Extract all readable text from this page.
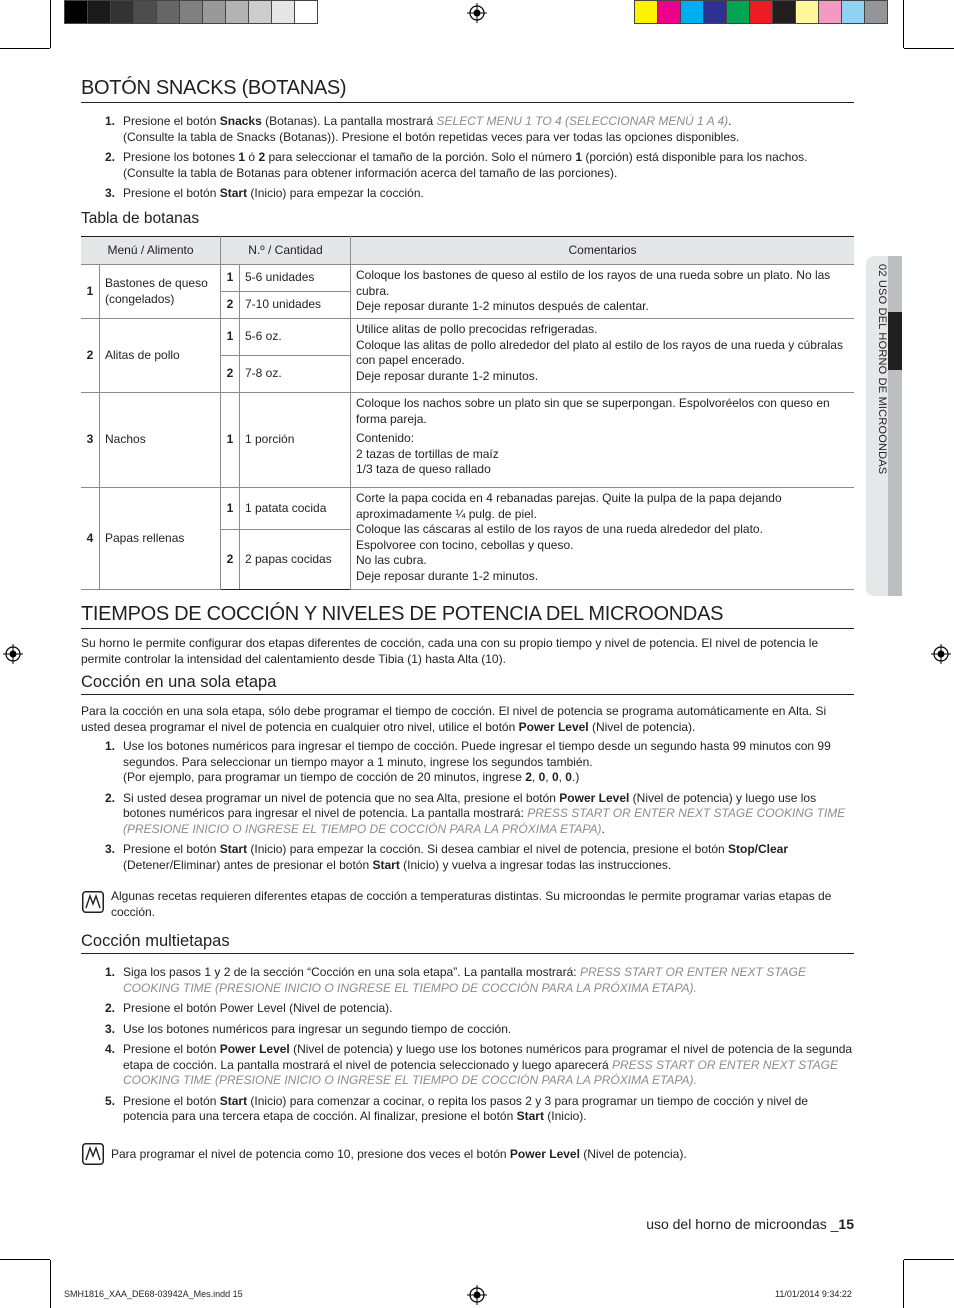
BOTÓN SNACKS (BOTANAS)
1. Presione el botón Snacks (Botanas). La pantalla mostrará SELECT MENU 1 TO 4 (SELECCIONAR MENÚ 1 A 4).
(Consulte la tabla de Snacks (Botanas)). Presione el botón repetidas veces para ver todas las opciones disponibles.
2. Presione los botones 1 ó 2 para seleccionar el tamaño de la porción. Solo el número 1 (porción) está disponible para los nachos.
(Consulte la tabla de Botanas para obtener información acerca del tamaño de las porciones).
3. Presione el botón Start (Inicio) para empezar la cocción.
Tabla de botanas
Menú / Alimento		N.º / Cantidad		Comentarios
1	Bastones de queso (congelados)	1	5-6 unidades	Coloque los bastones de queso al estilo de los rayos de una rueda sobre un plato. No las cubra.
Deje reposar durante 1-2 minutos después de calentar.

		2	7-10 unidades	
2	Alitas de pollo	1	5-6 oz.	Utilice alitas de pollo precocidas refrigeradas.
Coloque las alitas de pollo alrededor del plato al estilo de los rayos de una rueda y cúbralas con papel encerado.
Deje reposar durante 1-2 minutos.

		2	7-8 oz.	
3	Nachos	1	1 porción	Coloque los nachos sobre un plato sin que se superpongan. Espolvoréelos con queso en forma pareja.
Contenido:
2 tazas de tortillas de maíz
1/3 taza de queso rallado

4	Papas rellenas	1	1 patata cocida	Corte la papa cocida en 4 rebanadas parejas. Quite la pulpa de la papa dejando aproximadamente ¼ pulg. de piel.
Coloque las cáscaras al estilo de los rayos de una rueda alrededor del plato.
Espolvoree con tocino, cebollas y queso.
No las cubra.
Deje reposar durante 1-2 minutos.

		2	2 papas cocidas	
TIEMPOS DE COCCIÓN Y NIVELES DE POTENCIA DEL MICROONDAS
Su horno le permite configurar dos etapas diferentes de cocción, cada una con su propio tiempo y nivel de potencia. El nivel de potencia le permite controlar la intensidad del calentamiento desde Tibia (1) hasta Alta (10).
Cocción en una sola etapa
Para la cocción en una sola etapa, sólo debe programar el tiempo de cocción. El nivel de potencia se programa automáticamente en Alta. Si usted desea programar el nivel de potencia en cualquier otro nivel, utilice el botón Power Level (Nivel de potencia).
1. Use los botones numéricos para ingresar el tiempo de cocción. Puede ingresar el tiempo desde un segundo hasta 99 minutos con 99 segundos. Para seleccionar un tiempo mayor a 1 minuto, ingrese los segundos también.
(Por ejemplo, para programar un tiempo de cocción de 20 minutos, ingrese 2, 0, 0, 0.)
2. Si usted desea programar un nivel de potencia que no sea Alta, presione el botón Power Level (Nivel de potencia) y luego use los botones numéricos para ingresar el nivel de potencia. La pantalla mostrará: PRESS START OR ENTER NEXT STAGE COOKING TIME (PRESIONE INICIO O INGRESE EL TIEMPO DE COCCIÓN PARA LA PRÓXIMA ETAPA).
3. Presione el botón Start (Inicio) para empezar la cocción. Si desea cambiar el nivel de potencia, presione el botón Stop/Clear (Detener/Eliminar) antes de presionar el botón Start (Inicio) y vuelva a ingresar todas las instrucciones.
Algunas recetas requieren diferentes etapas de cocción a temperaturas distintas. Su microondas le permite programar varias etapas de cocción.
Cocción multietapas
1. Siga los pasos 1 y 2 de la sección “Cocción en una sola etapa”. La pantalla mostrará: PRESS START OR ENTER NEXT STAGE COOKING TIME (PRESIONE INICIO O INGRESE EL TIEMPO DE COCCIÓN PARA LA PRÓXIMA ETAPA).
2. Presione el botón Power Level (Nivel de potencia).
3. Use los botones numéricos para ingresar un segundo tiempo de cocción.
4. Presione el botón Power Level (Nivel de potencia) y luego use los botones numéricos para programar el nivel de potencia de la segunda etapa de cocción. La pantalla mostrará el nivel de potencia seleccionado y luego aparecerá PRESS START OR ENTER NEXT STAGE COOKING TIME (PRESIONE INICIO O INGRESE EL TIEMPO DE COCCIÓN PARA LA PRÓXIMA ETAPA).
5. Presione el botón Start (Inicio) para comenzar a cocinar, o repita los pasos 2 y 3 para programar un tiempo de cocción y nivel de potencia para una tercera etapa de cocción. Al finalizar, presione el botón Start (Inicio).
Para programar el nivel de potencia como 10, presione dos veces el botón Power Level (Nivel de potencia).
02 USO DEL HORNO DE MICROONDAS
uso del horno de microondas _15
SMH1816_XAA_DE68-03942A_Mes.indd 15	11/01/2014 9:34:22
